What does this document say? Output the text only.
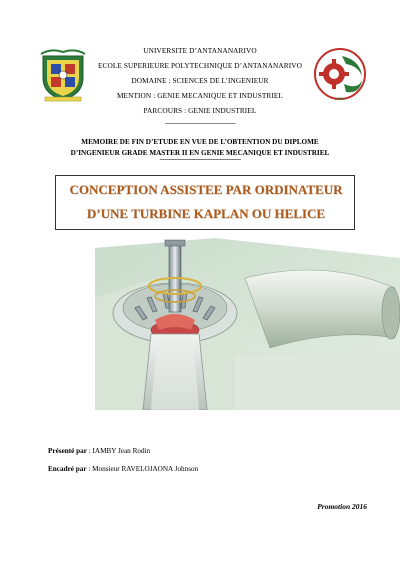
ESPA
UNIVERSITE D’ANTANANARIVO
ECOLE SUPERIEURE POLYTECHNIQUE D’ANTANANARIVO
DOMAINE : SCIENCES DE L’INGENIEUR
MENTION : GENIE MECANIQUE ET INDUSTRIEL
PARCOURS : GENIE INDUSTRIEL
-----------------------------------------------
MEMOIRE DE FIN D’ETUDE EN VUE DE L’OBTENTION DU DIPLOME
D’INGENIEUR GRADE MASTER II EN GENIE MECANIQUE ET INDUSTRIEL
------------------------------------------------------
CONCEPTION ASSISTEE PAR ORDINATEUR
D’UNE TURBINE KAPLAN OU HELICE
Présenté par : IAMBY Jean Rodin
Encadré par : Monsieur RAVELOJAONA Johnson
Promotion 2016
